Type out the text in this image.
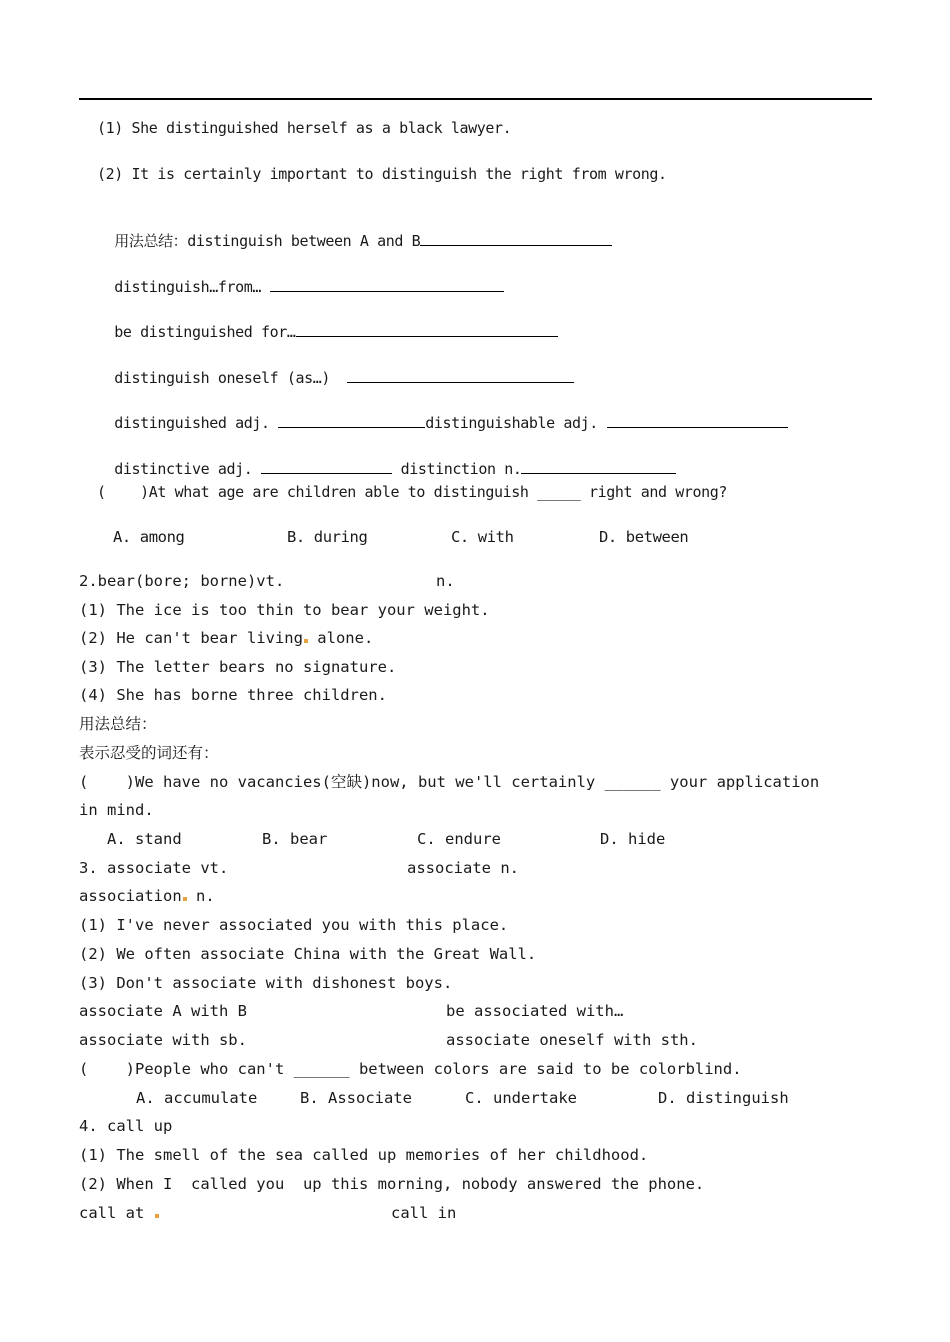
(1) She distinguished herself as a black lawyer.
(2) It is certainly important to distinguish the right from wrong.

用法总结：distinguish between A and B

distinguish…from…

be distinguished for…

distinguish oneself (as…)

distinguished adj.	distinguishable adj.

distinctive adj.	distinction n.

(    )At what age are children able to distinguish _____ right and wrong?
A. among	B. during	C. with	D. between
2.bear(bore; borne)vt.	n.
(1) The ice is too thin to bear your weight.
(2) He can't bear living alone.
(3) The letter bears no signature.
(4) She has borne three children.
用法总结：
表示忍受的词还有：
(    )We have no vacancies(空缺)now, but we'll certainly ______ your application
in mind.
A. stand	B. bear	C. endure	D. hide
3. associate vt.	associate n.
association n.
(1) I've never associated you with this place.
(2) We often associate China with the Great Wall.
(3) Don't associate with dishonest boys.
associate A with B	be associated with…
associate with sb.	associate oneself with sth.
(    )People who can't ______ between colors are said to be colorblind.
A. accumulate	B. Associate	C. undertake	D. distinguish
4. call up
(1) The smell of the sea called up memories of her childhood.
(2) When I  called you  up this morning, nobody answered the phone.
call at	call in
